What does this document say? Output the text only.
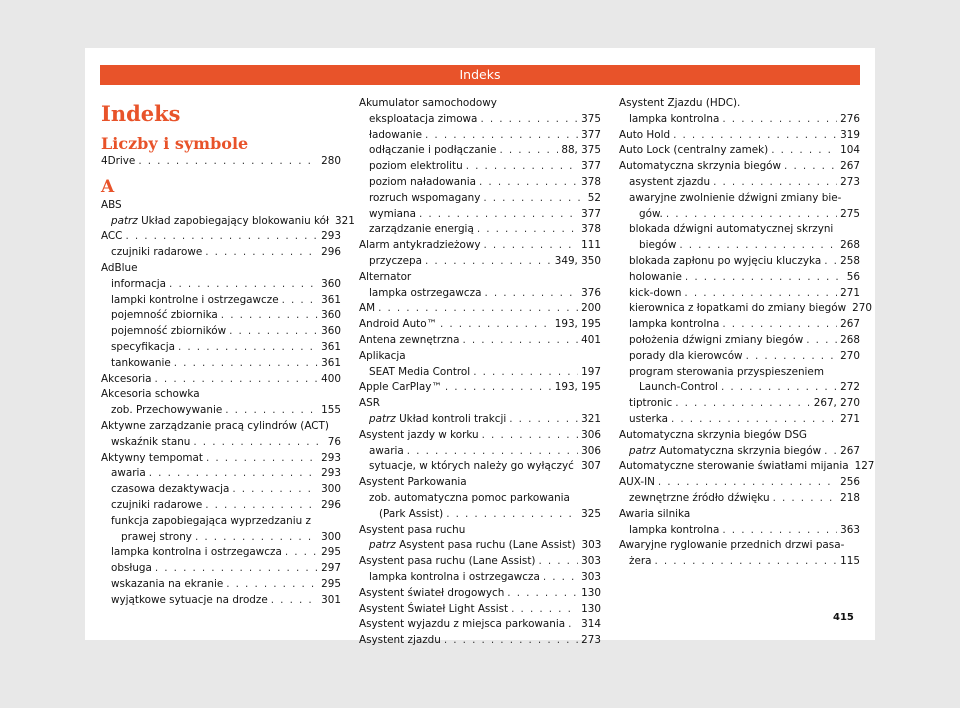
Indeks
Indeks
Liczby i symbole
4Drive . . .	280
A
ABS
patrz Układ zapobiegający blokowaniu kół 321
ACC . . .	293
czujniki radarowe . . .	296
AdBlue
informacja . . .	360
lampki kontrolne i ostrzegawcze . . .	361
pojemność zbiornika . . .	360
pojemność zbiorników . . .	360
specyfikacja . . .	361
tankowanie . . .	361
Akcesoria . . .	400
Akcesoria schowka
zob. Przechowywanie . . .	155
Aktywne zarządzanie pracą cylindrów (ACT)
wskaźnik stanu . . .	76
Aktywny tempomat . . .	293
awaria . . .	293
czasowa dezaktywacja . . .	300
czujniki radarowe . . .	296
funkcja zapobiegająca wyprzedzaniu z
prawej strony . . .	300
lampka kontrolna i ostrzegawcza . . .	295
obsługa . . .	297
wskazania na ekranie . . .	295
wyjątkowe sytuacje na drodze . . .	301
Akumulator samochodowy
eksploatacja zimowa . . .	375
ładowanie . . .	377
odłączanie i podłączanie . . .	88, 375
poziom elektrolitu . . .	377
poziom naładowania . . .	378
rozruch wspomagany . . .	52
wymiana . . .	377
zarządzanie energią . . .	378
Alarm antykradzieżowy . . .	111
przyczepa . . .	349, 350
Alternator
lampka ostrzegawcza . . .	376
AM . . .	200
Android Auto™ . . .	193, 195
Antena zewnętrzna . . .	401
Aplikacja
SEAT Media Control . . .	197
Apple CarPlay™ . . .	193, 195
ASR
patrz Układ kontroli trakcji . . .	321
Asystent jazdy w korku . . .	306
awaria . . .	306
sytuacje, w których należy go wyłączyć . . . 307
Asystent Parkowania
zob. automatyczna pomoc parkowania
(Park Assist) . . .	325
Asystent pasa ruchu
patrz Asystent pasa ruchu (Lane Assist) 303
Asystent pasa ruchu (Lane Assist) . . .	303
lampka kontrolna i ostrzegawcza . . .	303
Asystent świateł drogowych . . .	130
Asystent Świateł Light Assist . . .	130
Asystent wyjazdu z miejsca parkowania . . . 314
Asystent zjazdu . . .	273
Asystent Zjazdu (HDC).
lampka kontrolna . . .	276
Auto Hold . . .	319
Auto Lock (centralny zamek) . . .	104
Automatyczna skrzynia biegów . . .	267
asystent zjazdu . . .	273
awaryjne zwolnienie dźwigni zmiany bie-
gów. . . .	275
blokada dźwigni automatycznej skrzyni
biegów . . .	268
blokada zapłonu po wyjęciu kluczyka . . . 258
holowanie . . .	56
kick-down . . .	271
kierownica z łopatkami do zmiany biegów 270
lampka kontrolna . . .	267
położenia dźwigni zmiany biegów . . .	268
porady dla kierowców . . .	270
program sterowania przyspieszeniem
Launch-Control . . .	272
tiptronic . . .	267, 270
usterka . . .	271
Automatyczna skrzynia biegów DSG
patrz Automatyczna skrzynia biegów . . . 267
Automatyczne sterowanie światłami mijania 127
AUX-IN . . .	256
zewnętrzne źródło dźwięku . . .	218
Awaria silnika
lampka kontrolna . . .	363
Awaryjne ryglowanie przednich drzwi pasa-
żera . . .	115
415
